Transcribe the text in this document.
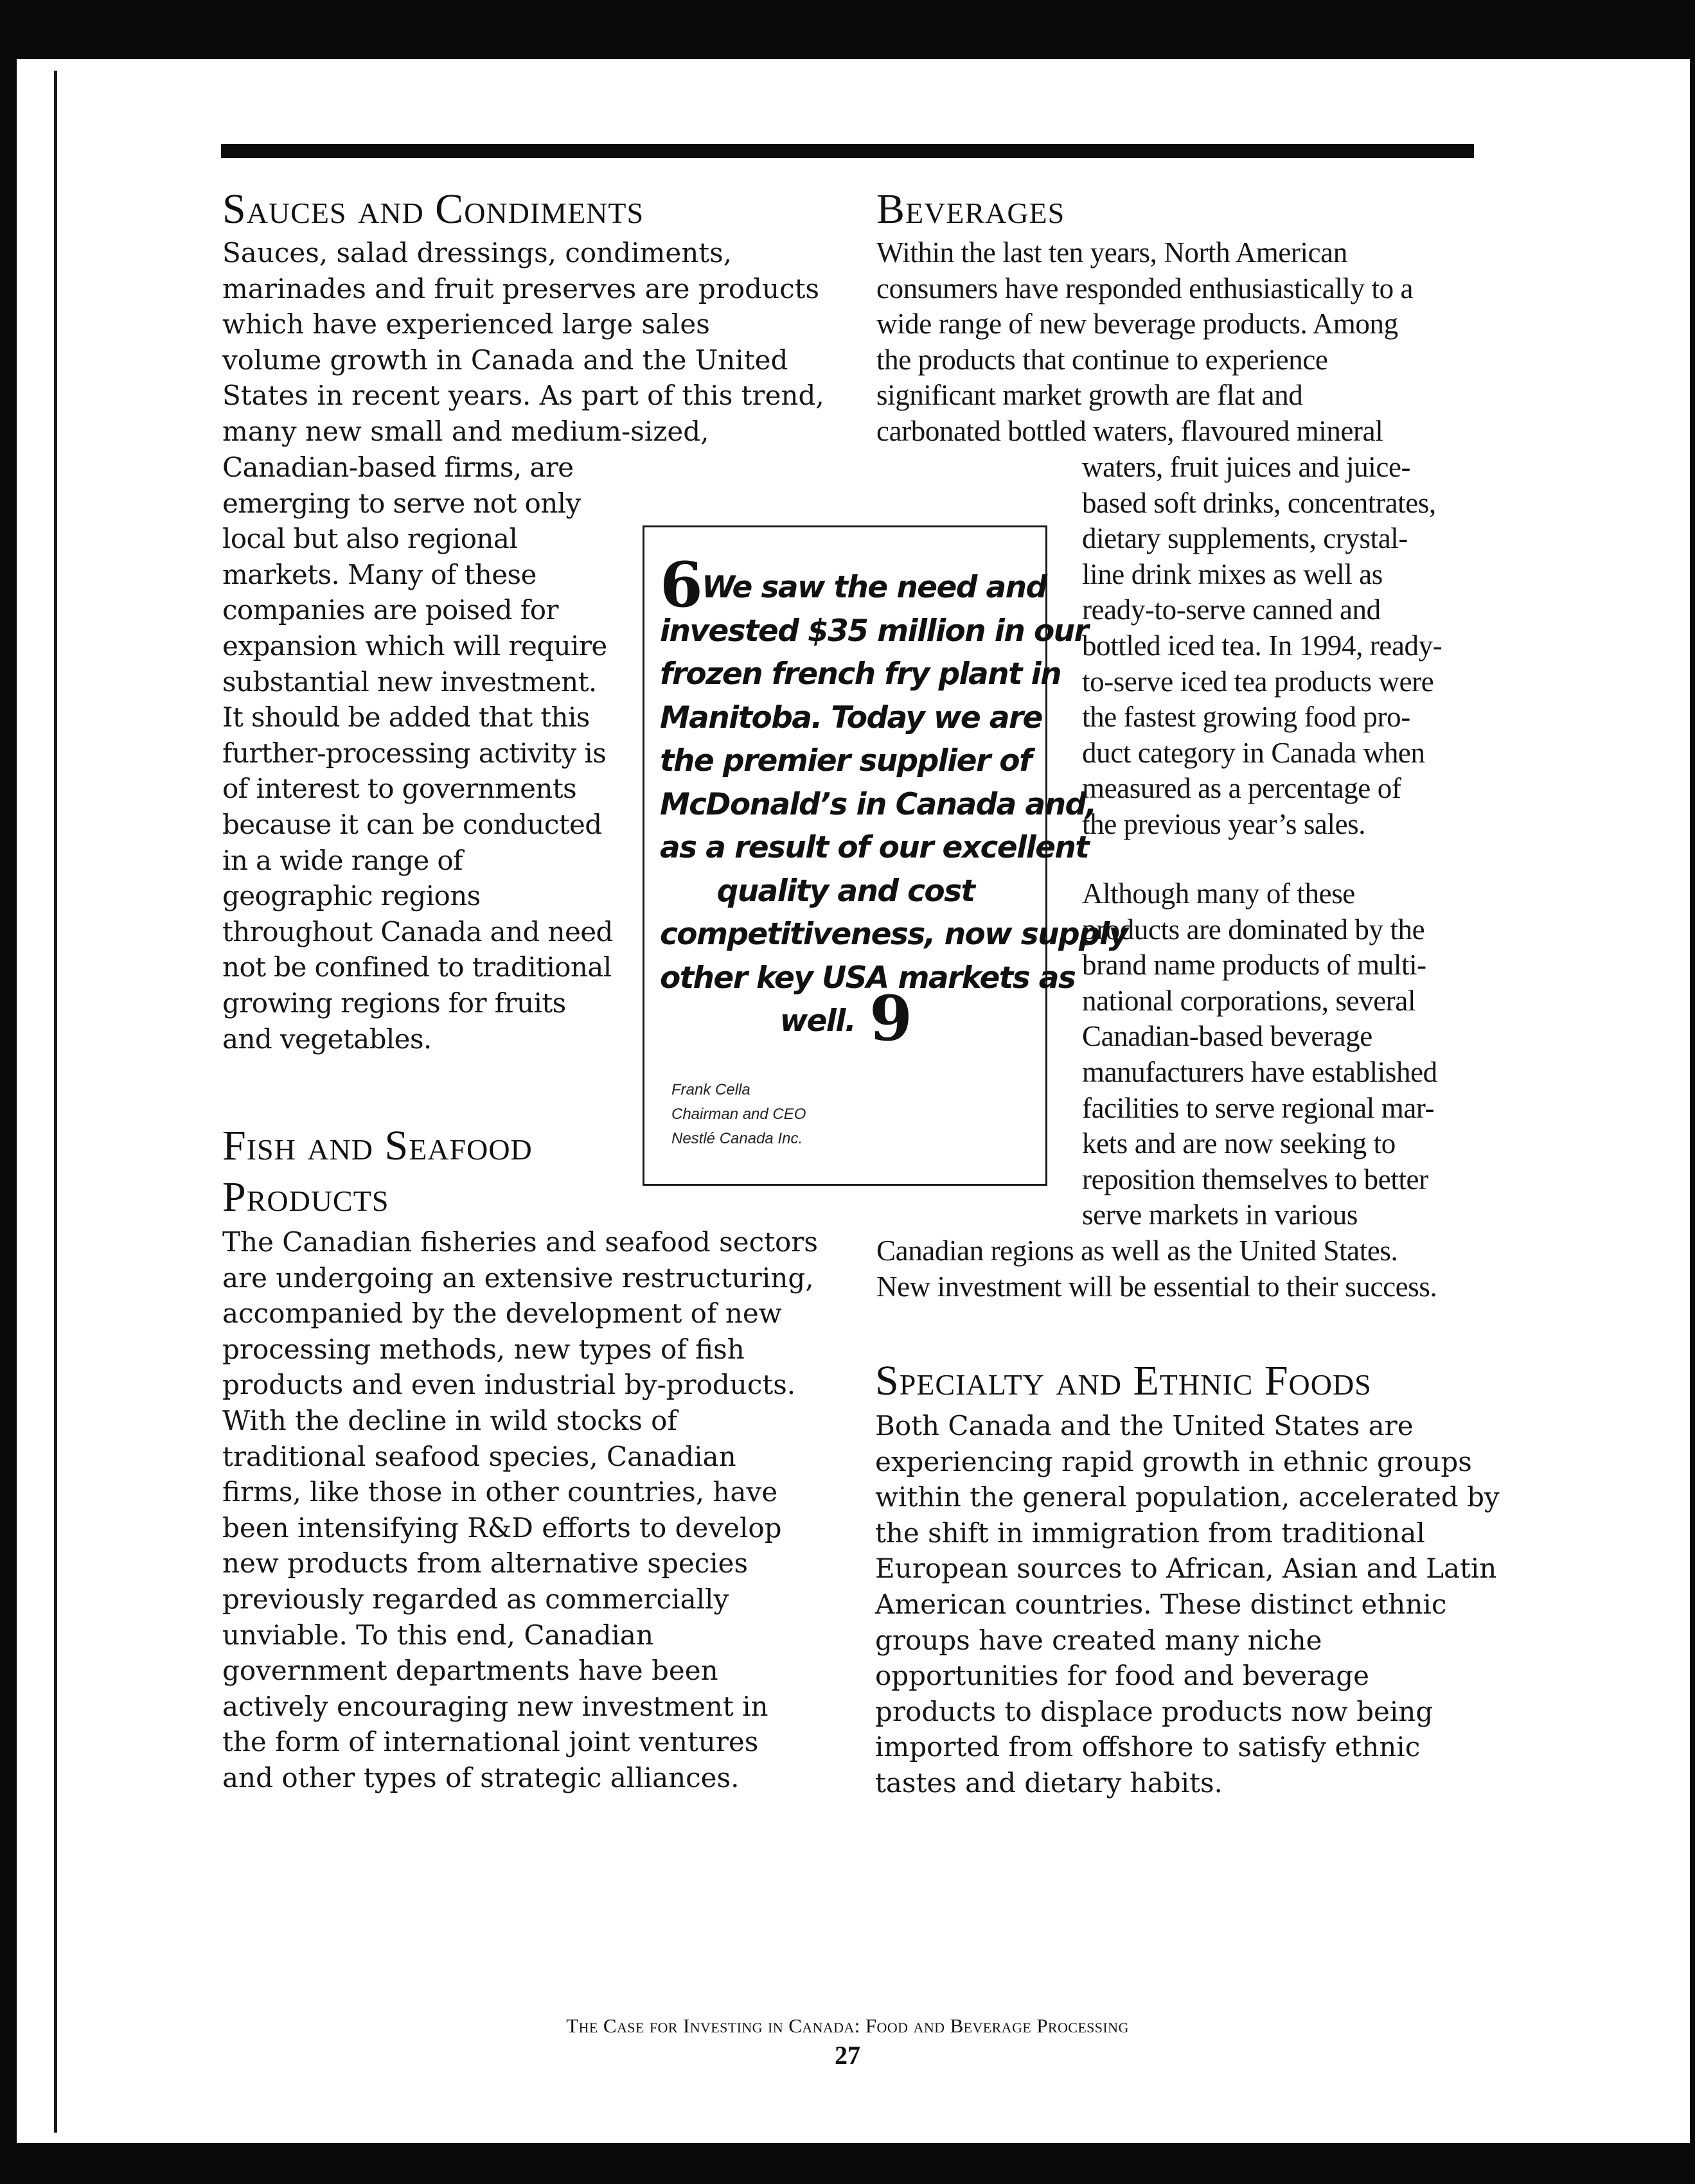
Sauces and Condiments
Sauces, salad dressings, condiments,
marinades and fruit preserves are products
which have experienced large sales
volume growth in Canada and the United
States in recent years. As part of this trend,
many new small and medium-sized,
Canadian-based firms, are
emerging to serve not only
local but also regional
markets. Many of these
companies are poised for
expansion which will require
substantial new investment.
It should be added that this
further-processing activity is
of interest to governments
because it can be conducted
in a wide range of
geographic regions
throughout Canada and need
not be confined to traditional
growing regions for fruits
and vegetables.
Fish and Seafood
Products
The Canadian fisheries and seafood sectors
are undergoing an extensive restructuring,
accompanied by the development of new
processing methods, new types of fish
products and even industrial by-products.
With the decline in wild stocks of
traditional seafood species, Canadian
firms, like those in other countries, have
been intensifying R&D efforts to develop
new products from alternative species
previously regarded as commercially
unviable. To this end, Canadian
government departments have been
actively encouraging new investment in
the form of international joint ventures
and other types of strategic alliances.
Beverages
Within the last ten years, North American
consumers have responded enthusiastically to a
wide range of new beverage products. Among
the products that continue to experience
significant market growth are flat and
carbonated bottled waters, flavoured mineral
waters, fruit juices and juice-
based soft drinks, concentrates,
dietary supplements, crystal-
line drink mixes as well as
ready-to-serve canned and
bottled iced tea. In 1994, ready-
to-serve iced tea products were
the fastest growing food pro-
duct category in Canada when
measured as a percentage of
the previous year’s sales.
Although many of these
products are dominated by the
brand name products of multi-
national corporations, several
Canadian-based beverage
manufacturers have established
facilities to serve regional mar-
kets and are now seeking to
reposition themselves to better
serve markets in various
Canadian regions as well as the United States.
New investment will be essential to their success.
Specialty and Ethnic Foods
Both Canada and the United States are
experiencing rapid growth in ethnic groups
within the general population, accelerated by
the shift in immigration from traditional
European sources to African, Asian and Latin
American countries. These distinct ethnic
groups have created many niche
opportunities for food and beverage
products to displace products now being
imported from offshore to satisfy ethnic
tastes and dietary habits.
6We saw the need and
invested $35 million in our
frozen french fry plant in
Manitoba. Today we are
the premier supplier of
McDonald’s in Canada and,
as a result of our excellent
quality and cost
competitiveness, now supply
other key USA markets as
well. 9

Frank Cella

Chairman and CEO

Nestlé Canada Inc.

The Case for Investing in Canada: Food and Beverage Processing

27
